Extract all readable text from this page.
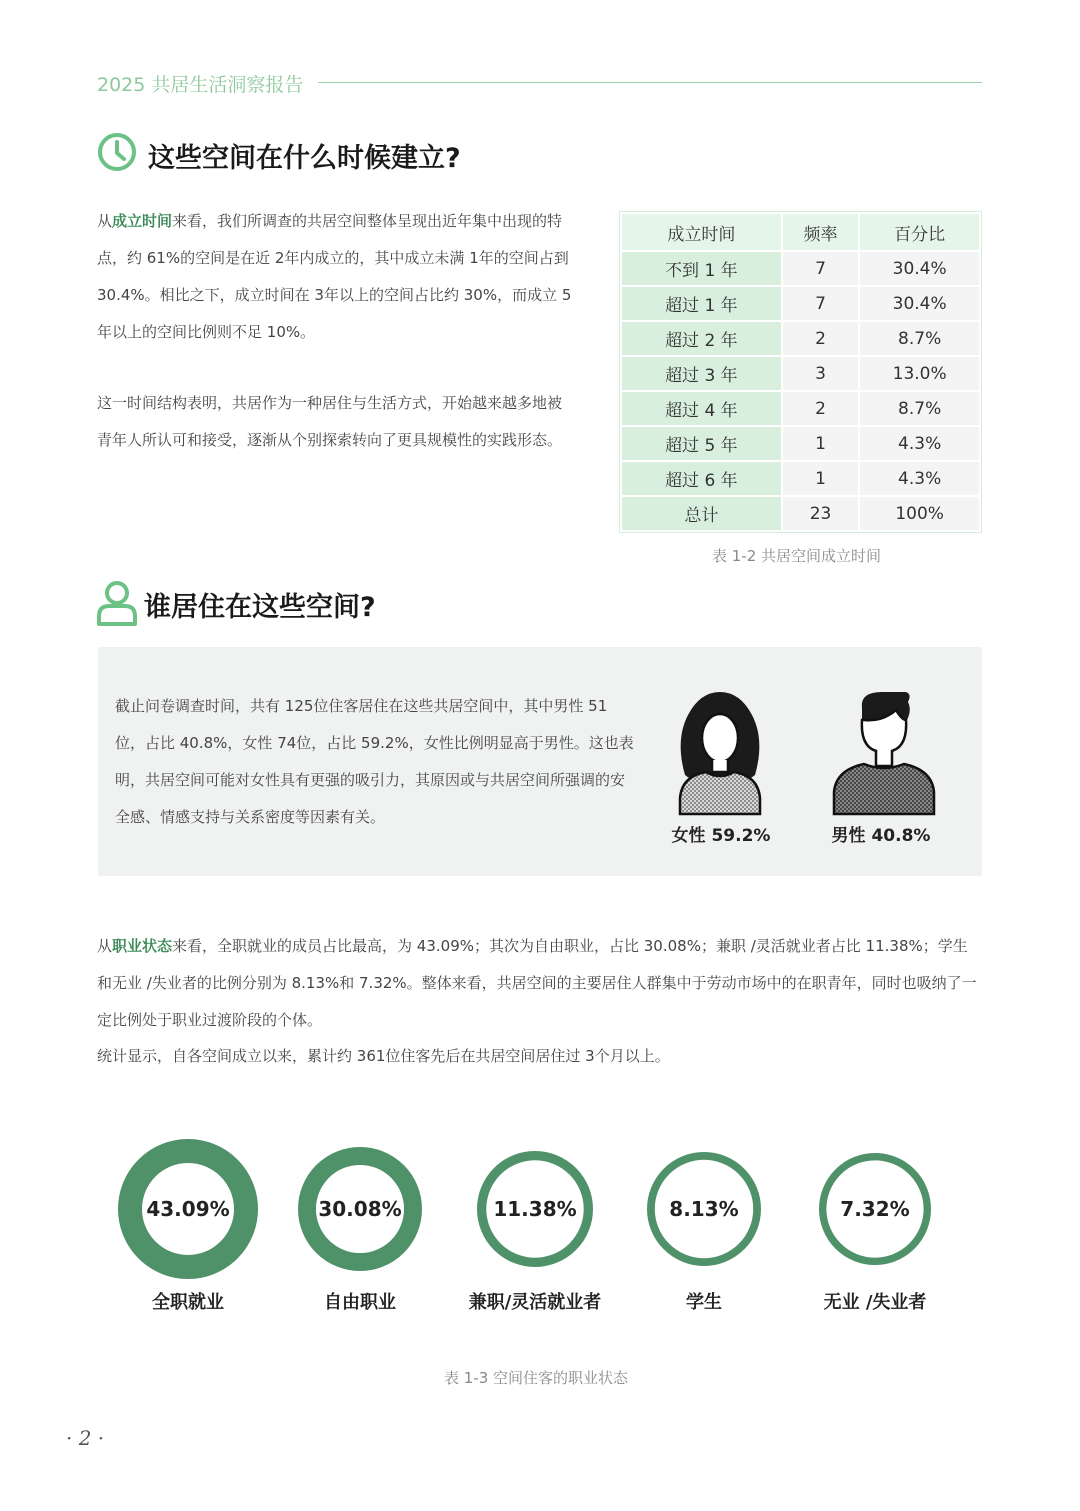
2025 共居生活洞察报告
这些空间在什么时候建立?
从成立时间来看，我们所调查的共居空间整体呈现出近年集中出现的特点，约 61%的空间是在近 2年内成立的，其中成立未满 1年的空间占到 30.4%。相比之下，成立时间在 3年以上的空间占比约 30%，而成立 5年以上的空间比例则不足 10%。
这一时间结构表明，共居作为一种居住与生活方式，开始越来越多地被青年人所认可和接受，逐渐从个别探索转向了更具规模性的实践形态。
成立时间	频率	百分比
不到 1 年	7	30.4%
超过 1 年	7	30.4%
超过 2 年	2	8.7%
超过 3 年	3	13.0%
超过 4 年	2	8.7%
超过 5 年	1	4.3%
超过 6 年	1	4.3%
总计	23	100%
表 1-2 共居空间成立时间
谁居住在这些空间?
截止问卷调查时间，共有 125位住客居住在这些共居空间中，其中男性 51位，占比 40.8%，女性 74位，占比 59.2%，女性比例明显高于男性。这也表明，共居空间可能对女性具有更强的吸引力，其原因或与共居空间所强调的安全感、情感支持与关系密度等因素有关。
女性 59.2%	男性 40.8%
从职业状态来看，全职就业的成员占比最高，为 43.09%；其次为自由职业，占比 30.08%；兼职 /灵活就业者占比 11.38%；学生和无业 /失业者的比例分别为 8.13%和 7.32%。整体来看，共居空间的主要居住人群集中于劳动市场中的在职青年，同时也吸纳了一定比例处于职业过渡阶段的个体。
统计显示，自各空间成立以来，累计约 361位住客先后在共居空间居住过 3个月以上。
43.09%	30.08%	11.38%	8.13%	7.32%
全职就业	自由职业	兼职/灵活就业者	学生	无业 /失业者
表 1-3 空间住客的职业状态
· 2 ·
